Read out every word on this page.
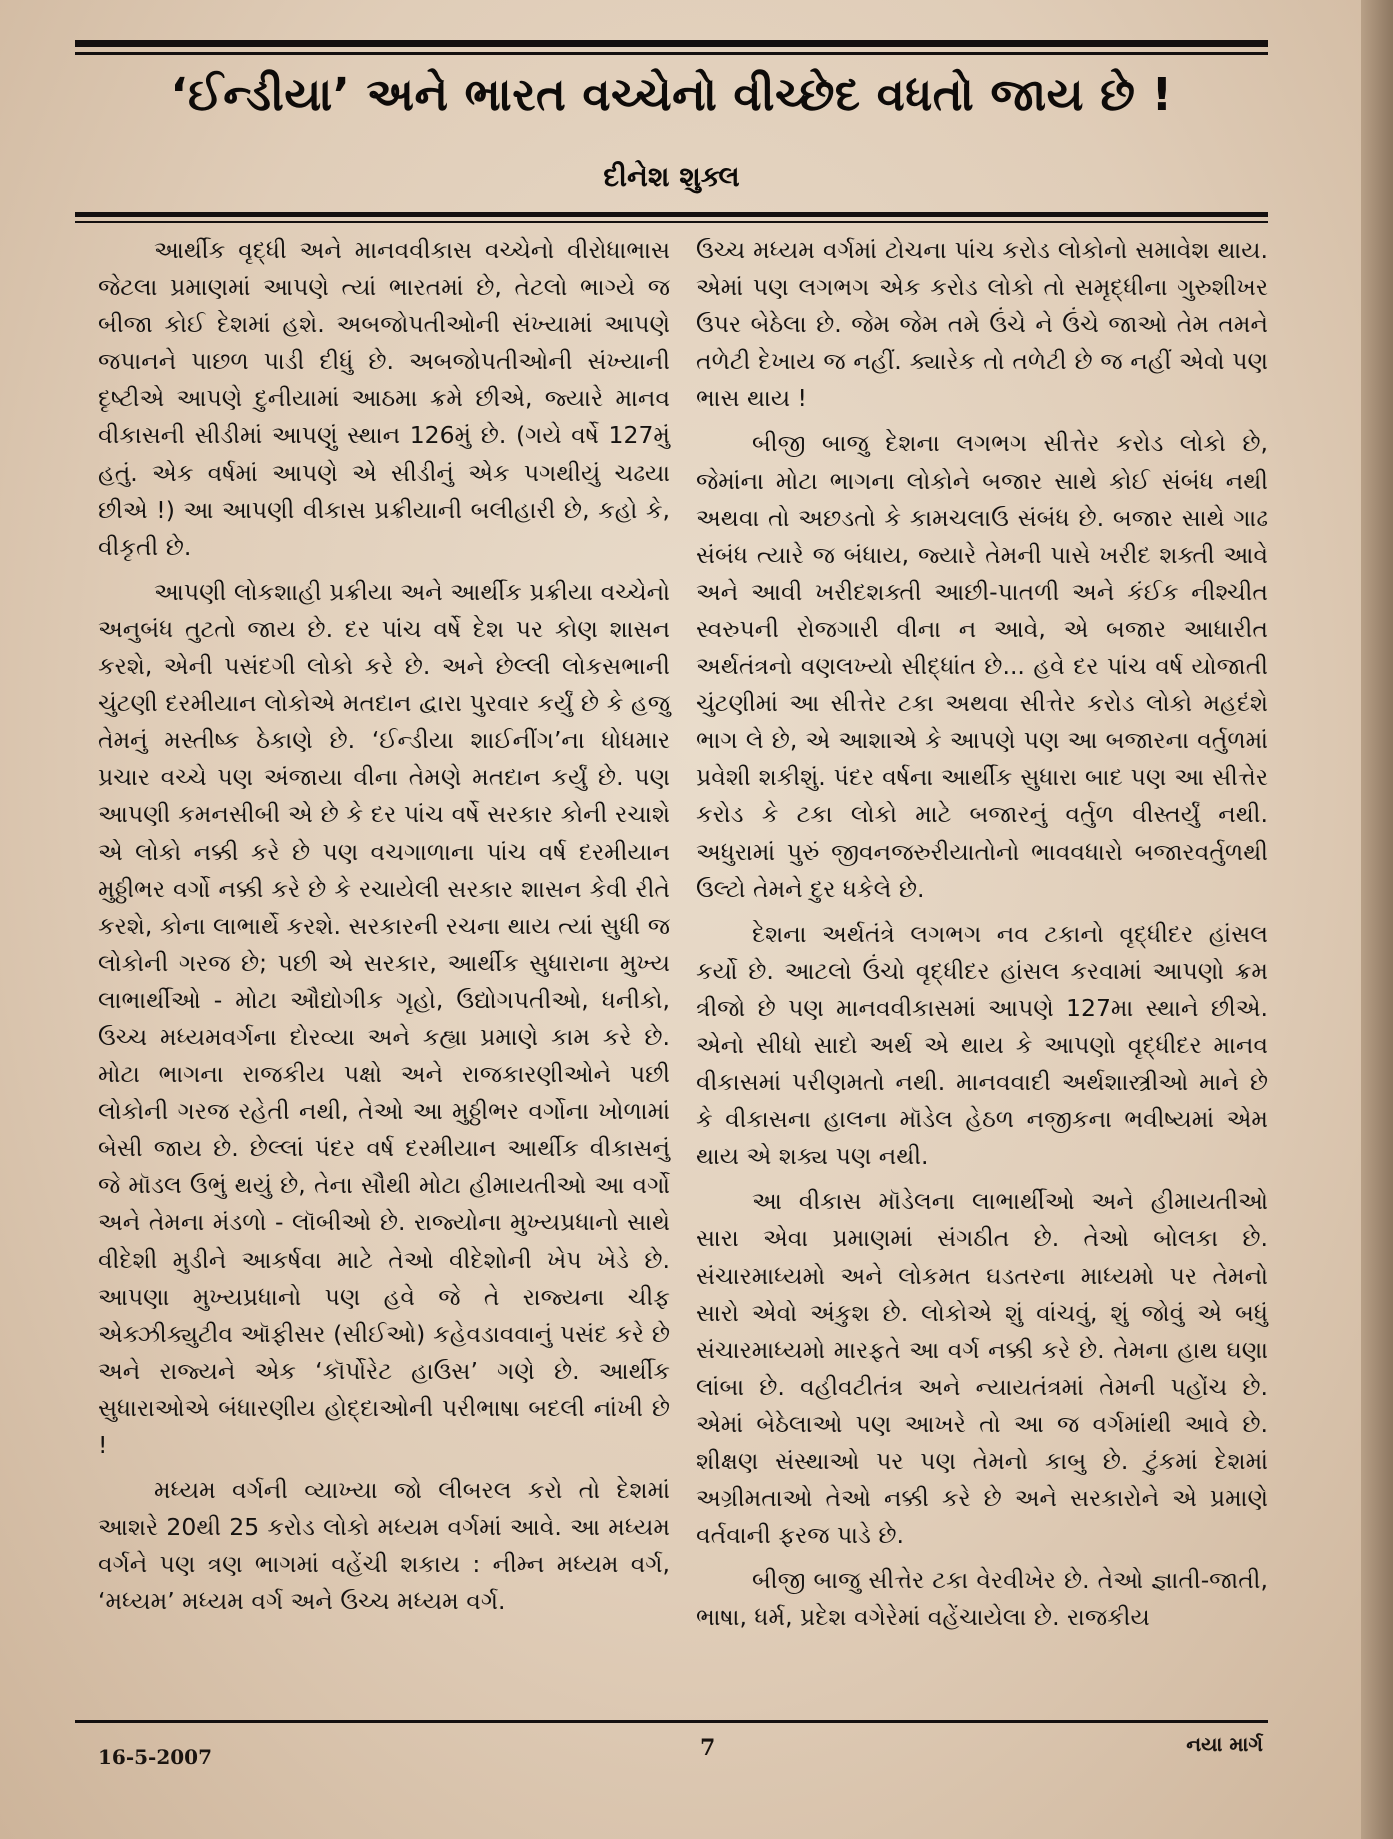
‘ઈન્ડીયા’ અને ભારત વચ્ચેનો વીચ્છેદ વધતો જાય છે !
દીનેશ શુક્લ

આર્થીક વૃદ્ધી અને માનવવીકાસ વચ્ચેનો વીરોધાભાસ જેટલા પ્રમાણમાં આપણે ત્યાં ભારતમાં છે, તેટલો ભાગ્યે જ બીજા કોઈ દેશમાં હશે. અબજોપતીઓની સંખ્યામાં આપણે જપાનને પાછળ પાડી દીધું છે. અબજોપતીઓની સંખ્યાની દૃષ્ટીએ આપણે દુનીયામાં આઠમા ક્રમે છીએ, જ્યારે માનવ વીકાસની સીડીમાં આપણું સ્થાન 126મું છે. (ગયે વર્ષે 127મું હતું. એક વર્ષમાં આપણે એ સીડીનું એક પગથીયું ચઢયા છીએ !) આ આપણી વીકાસ પ્રક્રીયાની બલીહારી છે, કહો કે, વીકૃતી છે.

આપણી લોકશાહી પ્રક્રીયા અને આર્થીક પ્રક્રીયા વચ્ચેનો અનુબંધ તુટતો જાય છે. દર પાંચ વર્ષે દેશ પર કોણ શાસન કરશે, એની પસંદગી લોકો કરે છે. અને છેલ્લી લોકસભાની ચુંટણી દરમીયાન લોકોએ મતદાન દ્વારા પુરવાર કર્યું છે કે હજુ તેમનું મસ્તીષ્ક ઠેકાણે છે. ‘ઈન્ડીયા શાઈનીંગ’ના ધોધમાર પ્રચાર વચ્ચે પણ અંજાયા વીના તેમણે મતદાન કર્યું છે. પણ આપણી કમનસીબી એ છે કે દર પાંચ વર્ષે સરકાર કોની રચાશે એ લોકો નક્કી કરે છે પણ વચગાળાના પાંચ વર્ષ દરમીયાન મુઠ્ઠીભર વર્ગો નક્કી કરે છે કે રચાયેલી સરકાર શાસન કેવી રીતે કરશે, કોના લાભાર્થે કરશે. સરકારની રચના થાય ત્યાં સુધી જ લોકોની ગરજ છે; પછી એ સરકાર, આર્થીક સુધારાના મુખ્ય લાભાર્થીઓ - મોટા ઔદ્યોગીક ગૃહો, ઉદ્યોગપતીઓ, ધનીકો, ઉચ્ચ મધ્યમવર્ગના દોરવ્યા અને કહ્યા પ્રમાણે કામ કરે છે. મોટા ભાગના રાજકીય પક્ષો અને રાજકારણીઓને પછી લોકોની ગરજ રહેતી નથી, તેઓ આ મુઠ્ઠીભર વર્ગોના ખોળામાં બેસી જાય છે. છેલ્લાં પંદર વર્ષ દરમીયાન આર્થીક વીકાસનું જે મૉડલ ઉભું થયું છે, તેના સૌથી મોટા હીમાયતીઓ આ વર્ગો અને તેમના મંડળો - લૉબીઓ છે. રાજ્યોના મુખ્યપ્રધાનો સાથે વીદેશી મુડીને આકર્ષવા માટે તેઓ વીદેશોની ખેપ ખેડે છે. આપણા મુખ્યપ્રધાનો પણ હવે જે તે રાજ્યના ચીફ એક્ઝીક્યુટીવ ઑફીસર (સીઈઓ) કહેવડાવવાનું પસંદ કરે છે અને રાજ્યને એક ‘કૉર્પોરેટ હાઉસ’ ગણે છે. આર્થીક સુધારાઓએ બંધારણીય હોદ્દાઓની પરીભાષા બદલી નાંખી છે !

મધ્યમ વર્ગની વ્યાખ્યા જો લીબરલ કરો તો દેશમાં આશરે 20થી 25 કરોડ લોકો મધ્યમ વર્ગમાં આવે. આ મધ્યમ વર્ગને પણ ત્રણ ભાગમાં વહેંચી શકાય : નીમ્ન મધ્યમ વર્ગ, ‘મધ્યમ’ મધ્યમ વર્ગ અને ઉચ્ચ મધ્યમ વર્ગ.

ઉચ્ચ મધ્યમ વર્ગમાં ટોચના પાંચ કરોડ લોકોનો સમાવેશ થાય. એમાં પણ લગભગ એક કરોડ લોકો તો સમૃદ્ધીના ગુરુશીખર ઉપર બેઠેલા છે. જેમ જેમ તમે ઉંચે ને ઉંચે જાઓ તેમ તમને તળેટી દેખાય જ નહીં. ક્યારેક તો તળેટી છે જ નહીં એવો પણ ભાસ થાય !

બીજી બાજુ દેશના લગભગ સીત્તેર કરોડ લોકો છે, જેમાંના મોટા ભાગના લોકોને બજાર સાથે કોઈ સંબંધ નથી અથવા તો અછડતો કે કામચલાઉ સંબંધ છે. બજાર સાથે ગાઢ સંબંધ ત્યારે જ બંધાય, જ્યારે તેમની પાસે ખરીદ શક્તી આવે અને આવી ખરીદશક્તી આછી-પાતળી અને કંઈક નીશ્ચીત સ્વરુપની રોજગારી વીના ન આવે, એ બજાર આધારીત અર્થતંત્રનો વણલખ્યો સીદ્ધાંત છે... હવે દર પાંચ વર્ષ યોજાતી ચુંટણીમાં આ સીત્તેર ટકા અથવા સીત્તેર કરોડ લોકો મહદંશે ભાગ લે છે, એ આશાએ કે આપણે પણ આ બજારના વર્તુળમાં પ્રવેશી શકીશું. પંદર વર્ષના આર્થીક સુધારા બાદ પણ આ સીત્તેર કરોડ કે ટકા લોકો માટે બજારનું વર્તુળ વીસ્તર્યું નથી. અધુરામાં પુરું જીવનજરુરીયાતોનો ભાવવધારો બજારવર્તુળથી ઉલ્ટો તેમને દુર ધકેલે છે.

દેશના અર્થતંત્રે લગભગ નવ ટકાનો વૃદ્ધીદર હાંસલ કર્યો છે. આટલો ઉંચો વૃદ્ધીદર હાંસલ કરવામાં આપણો ક્રમ ત્રીજો છે પણ માનવવીકાસમાં આપણે 127મા સ્થાને છીએ. એનો સીધો સાદો અર્થ એ થાય કે આપણો વૃદ્ધીદર માનવ વીકાસમાં પરીણમતો નથી. માનવવાદી અર્થશાસ્ત્રીઓ માને છે કે વીકાસના હાલના મૉડેલ હેઠળ નજીકના ભવીષ્યમાં એમ થાય એ શક્ય પણ નથી.

આ વીકાસ મૉડેલના લાભાર્થીઓ અને હીમાયતીઓ સારા એવા પ્રમાણમાં સંગઠીત છે. તેઓ બોલકા છે. સંચારમાધ્યમો અને લોકમત ઘડતરના માધ્યમો પર તેમનો સારો એવો અંકુશ છે. લોકોએ શું વાંચવું, શું જોવું એ બધું સંચારમાધ્યમો મારફતે આ વર્ગ નક્કી કરે છે. તેમના હાથ ઘણા લાંબા છે. વહીવટીતંત્ર અને ન્યાયતંત્રમાં તેમની પહોંચ છે. એમાં બેઠેલાઓ પણ આખરે તો આ જ વર્ગમાંથી આવે છે. શીક્ષણ સંસ્થાઓ પર પણ તેમનો કાબુ છે. ટુંકમાં દેશમાં અગ્રીમતાઓ તેઓ નક્કી કરે છે અને સરકારોને એ પ્રમાણે વર્તવાની ફરજ પાડે છે.

બીજી બાજુ સીત્તેર ટકા વેરવીખેર છે. તેઓ જ્ઞાતી-જાતી, ભાષા, ધર્મ, પ્રદેશ વગેરેમાં વહેંચાયેલા છે. રાજકીય

16-5-2007	7	નયા માર્ગ
